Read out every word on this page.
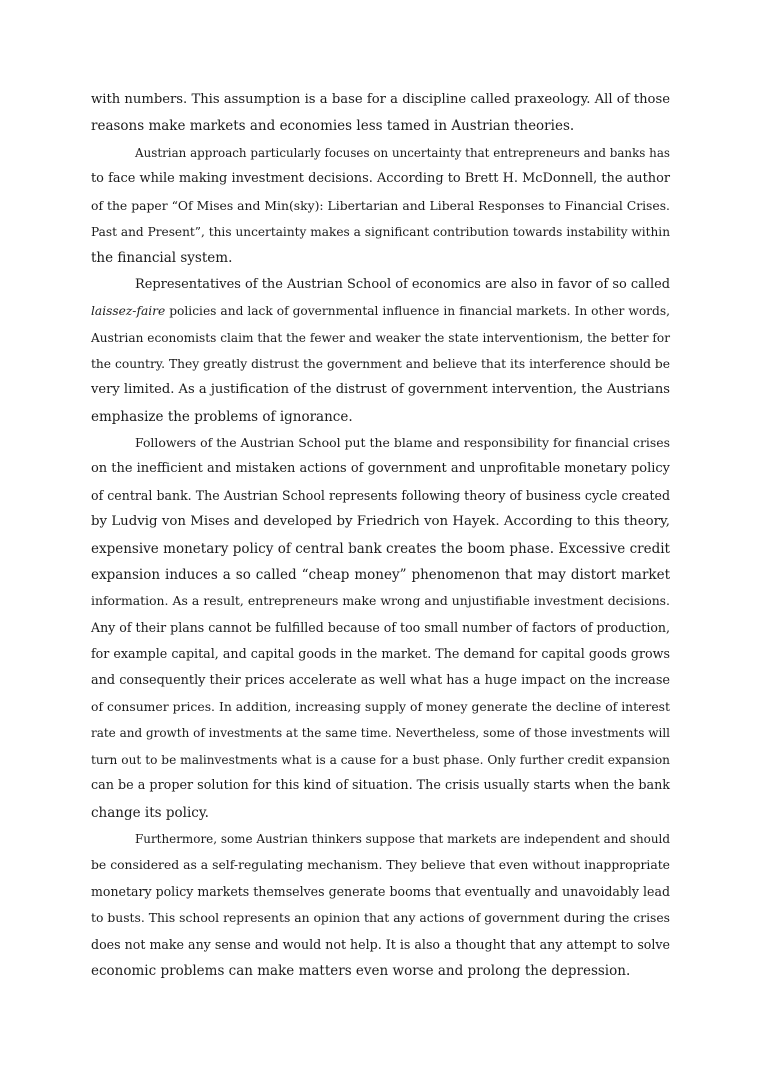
with numbers. This assumption is a base for a discipline called praxeology. All of those
reasons make markets and economies less tamed in Austrian theories.
Austrian approach particularly focuses on uncertainty that entrepreneurs and banks has
to face while making investment decisions. According to Brett H. McDonnell, the author
of the paper “Of Mises and Min(sky): Libertarian and Liberal Responses to Financial Crises.
Past and Present”, this uncertainty makes a significant contribution towards instability within
the financial system.
Representatives of the Austrian School of economics are also in favor of so called
laissez-faire policies and lack of governmental influence in financial markets. In other words,
Austrian economists claim that the fewer and weaker the state interventionism, the better for
the country. They greatly distrust the government and believe that its interference should be
very limited. As a justification of the distrust of government intervention, the Austrians
emphasize the problems of ignorance.
Followers of the Austrian School put the blame and responsibility for financial crises
on the inefficient and mistaken actions of government and unprofitable monetary policy
of central bank. The Austrian School represents following theory of business cycle created
by Ludvig von Mises and developed by Friedrich von Hayek. According to this theory,
expensive monetary policy of central bank creates the boom phase. Excessive credit
expansion induces a so called “cheap money” phenomenon that may distort market
information. As a result, entrepreneurs make wrong and unjustifiable investment decisions.
Any of their plans cannot be fulfilled because of too small number of factors of production,
for example capital, and capital goods in the market. The demand for capital goods grows
and consequently their prices accelerate as well what has a huge impact on the increase
of consumer prices. In addition, increasing supply of money generate the decline of interest
rate and growth of investments at the same time. Nevertheless, some of those investments will
turn out to be malinvestments what is a cause for a bust phase. Only further credit expansion
can be a proper solution for this kind of situation. The crisis usually starts when the bank
change its policy.
Furthermore, some Austrian thinkers suppose that markets are independent and should
be considered as a self-regulating mechanism. They believe that even without inappropriate
monetary policy markets themselves generate booms that eventually and unavoidably lead
to busts. This school represents an opinion that any actions of government during the crises
does not make any sense and would not help. It is also a thought that any attempt to solve
economic problems can make matters even worse and prolong the depression.
